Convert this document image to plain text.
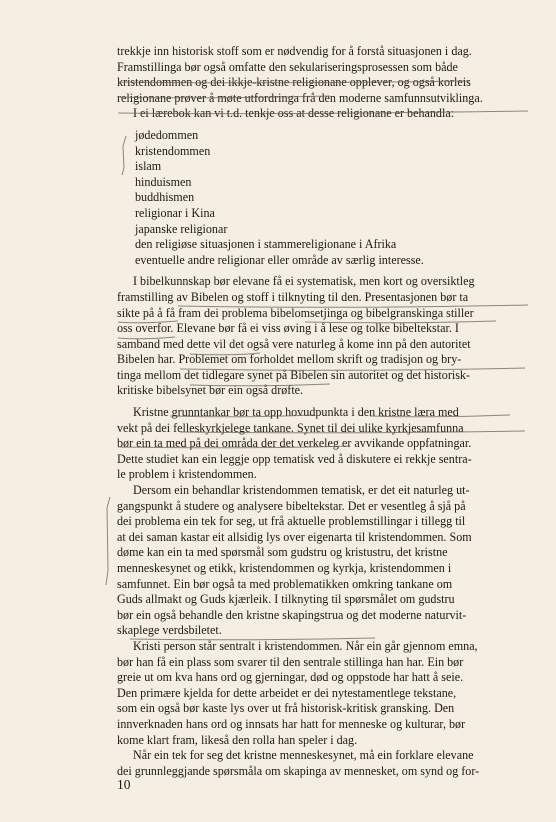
trekkje inn historisk stoff som er nødvendig for å forstå situasjonen i dag.
Framstillinga bør også omfatte den sekulariseringsprosessen som både
kristendommen og dei ikkje-kristne religionane opplever, og også korleis
religionane prøver å møte utfordringa frå den moderne samfunnsutviklinga.
I ei lærebok kan vi t.d. tenkje oss at desse religionane er behandla:
jødedommen
kristendommen
islam
hinduismen
buddhismen
religionar i Kina
japanske religionar
den religiøse situasjonen i stammereligionane i Afrika
eventuelle andre religionar eller område av særlig interesse.
I bibelkunnskap bør elevane få ei systematisk, men kort og oversiktleg
framstilling av Bibelen og stoff i tilknyting til den. Presentasjonen bør ta
sikte på å få fram dei problema bibelomsetjinga og bibelgranskinga stiller
oss overfor. Elevane bør få ei viss øving i å lese og tolke bibeltekstar. I
samband med dette vil det også vere naturleg å kome inn på den autoritet
Bibelen har. Problemet om forholdet mellom skrift og tradisjon og bry-
tinga mellom det tidlegare synet på Bibelen sin autoritet og det historisk-
kritiske bibelsynet bør ein også drøfte.
Kristne grunntankar bør ta opp hovudpunkta i den kristne læra med
vekt på dei felleskyrkjelege tankane. Synet til dei ulike kyrkjesamfunna
bør ein ta med på dei områda der det verkeleg er avvikande oppfatningar.
Dette studiet kan ein leggje opp tematisk ved å diskutere ei rekkje sentra-
le problem i kristendommen.
Dersom ein behandlar kristendommen tematisk, er det eit naturleg ut-
gangspunkt å studere og analysere bibeltekstar. Det er vesentleg å sjå på
dei problema ein tek for seg, ut frå aktuelle problemstillingar i tillegg til
at dei saman kastar eit allsidig lys over eigenarta til kristendommen. Som
døme kan ein ta med spørsmål som gudstru og kristustru, det kristne
menneskesynet og etikk, kristendommen og kyrkja, kristendommen i
samfunnet. Ein bør også ta med problematikken omkring tankane om
Guds allmakt og Guds kjærleik. I tilknyting til spørsmålet om gudstru
bør ein også behandle den kristne skapingstrua og det moderne naturvit-
skaplege verdsbiletet.
Kristi person står sentralt i kristendommen. Når ein går gjennom emna,
bør han få ein plass som svarer til den sentrale stillinga han har. Ein bør
greie ut om kva hans ord og gjerningar, død og oppstode har hatt å seie.
Den primære kjelda for dette arbeidet er dei nytestamentlege tekstane,
som ein også bør kaste lys over ut frå historisk-kritisk gransking. Den
innverknaden hans ord og innsats har hatt for menneske og kulturar, bør
kome klart fram, likeså den rolla han speler i dag.
Når ein tek for seg det kristne menneskesynet, må ein forklare elevane
dei grunnleggjande spørsmåla om skapinga av mennesket, om synd og for-
10
